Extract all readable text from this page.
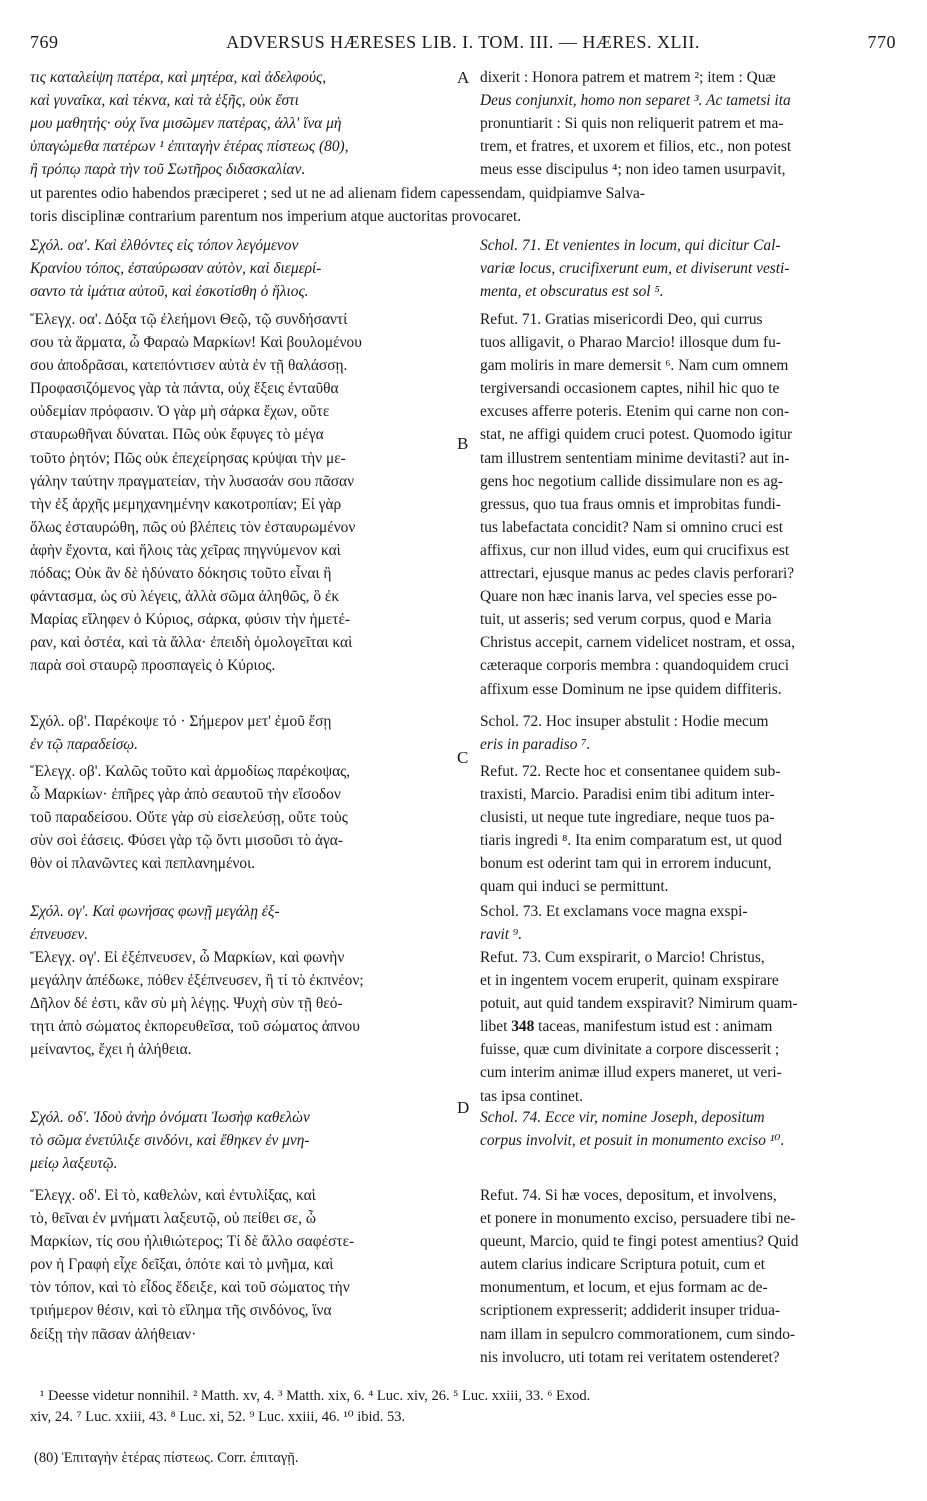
769	ADVERSUS HÆRESES LIB. I. TOM. III. — HÆRES. XLII.	770
A
B
C
D
τις καταλείψη πατέρα, καὶ μητέρα, καὶ ἀδελφούς,
καὶ γυναῖκα, καὶ τέκνα, καὶ τὰ ἑξῆς, οὐκ ἔστι
μου μαθητής· οὐχ ἵνα μισῶμεν πατέρας, ἀλλ' ἵνα μὴ
ὑπαγώμεθα πατέρων ¹ ἐπιταγὴν ἑτέρας πίστεως (80),
ἢ τρόπῳ παρὰ τὴν τοῦ Σωτῆρος διδασκαλίαν.
dixerit : Honora patrem et matrem ²; item : Quæ
Deus conjunxit, homo non separet ³. Ac tametsi ita
pronuntiarit : Si quis non reliquerit patrem et ma-
trem, et fratres, et uxorem et filios, etc., non potest
meus esse discipulus ⁴; non ideo tamen usurpavit,
ut parentes odio habendos præciperet ; sed ut ne ad alienam fidem capessendam, quidpiamve Salva-
toris disciplinæ contrarium parentum nos imperium atque auctoritas provocaret.
Σχόλ. οα'. Καὶ ἐλθόντες εἰς τόπον λεγόμενον
Κρανίου τόπος, ἐσταύρωσαν αὐτὸν, καὶ διεμερί-
σαντο τὰ ἱμάτια αὐτοῦ, καὶ ἐσκοτίσθη ὁ ἥλιος.
Schol. 71. Et venientes in locum, qui dicitur Cal-
variæ locus, crucifixerunt eum, et diviserunt vesti-
menta, et obscuratus est sol ⁵.
Ἔλεγχ. οα'. Δόξα τῷ ἐλεήμονι Θεῷ, τῷ συνδήσαντί
σου τὰ ἅρματα, ὦ Φαραὼ Μαρκίων! Καὶ βουλομένου
σου ἀποδρᾶσαι, κατεπόντισεν αὐτὰ ἐν τῇ θαλάσσῃ.
Προφασιζόμενος γὰρ τὰ πάντα, οὐχ ἕξεις ἐνταῦθα
οὐδεμίαν πρόφασιν. Ὁ γὰρ μὴ σάρκα ἔχων, οὔτε
σταυρωθῆναι δύναται. Πῶς οὐκ ἔφυγες τὸ μέγα
τοῦτο ῥητόν; Πῶς οὐκ ἐπεχείρησας κρύψαι τὴν με-
γάλην ταύτην πραγματείαν, τὴν λυσασάν σου πᾶσαν
τὴν ἐξ ἀρχῆς μεμηχανημένην κακοτροπίαν; Εἰ γὰρ
ὅλως ἐσταυρώθη, πῶς οὐ βλέπεις τὸν ἐσταυρωμένον
ἁφὴν ἔχοντα, καὶ ἥλοις τὰς χεῖρας πηγνύμενον καὶ
πόδας; Οὐκ ἂν δὲ ἠδύνατο δόκησις τοῦτο εἶναι ἢ
φάντασμα, ὡς σὺ λέγεις, ἀλλὰ σῶμα ἀληθῶς, ὃ ἐκ
Μαρίας εἴληφεν ὁ Κύριος, σάρκα, φύσιν τὴν ἡμετέ-
ραν, καὶ ὀστέα, καὶ τὰ ἄλλα· ἐπειδὴ ὁμολογεῖται καὶ
παρὰ σοὶ σταυρῷ προσπαγεὶς ὁ Κύριος.
Refut. 71. Gratias misericordi Deo, qui currus
tuos alligavit, o Pharao Marcio! illosque dum fu-
gam moliris in mare demersit ⁶. Nam cum omnem
tergiversandi occasionem captes, nihil hic quo te
excuses afferre poteris. Etenim qui carne non con-
stat, ne affigi quidem cruci potest. Quomodo igitur
tam illustrem sententiam minime devitasti? aut in-
gens hoc negotium callide dissimulare non es ag-
gressus, quo tua fraus omnis et improbitas fundi-
tus labefactata concidit? Nam si omnino cruci est
affixus, cur non illud vides, eum qui crucifixus est
attrectari, ejusque manus ac pedes clavis perforari?
Quare non hæc inanis larva, vel species esse po-
tuit, ut asseris; sed verum corpus, quod e Maria
Christus accepit, carnem videlicet nostram, et ossa,
cæteraque corporis membra : quandoquidem cruci
affixum esse Dominum ne ipse quidem diffiteris.
Σχόλ. οβ'. Παρέκοψε τό · Σήμερον μετ' ἐμοῦ ἔσῃ
ἐν τῷ παραδείσῳ.
Schol. 72. Hoc insuper abstulit : Hodie mecum
eris in paradiso ⁷.
Ἔλεγχ. οβ'. Καλῶς τοῦτο καὶ ἁρμοδίως παρέκοψας,
ὦ Μαρκίων· ἐπῆρες γὰρ ἀπὸ σεαυτοῦ τὴν εἴσοδον
τοῦ παραδείσου. Οὔτε γὰρ σὺ εἰσελεύσῃ, οὔτε τοὺς
σὺν σοὶ ἐάσεις. Φύσει γὰρ τῷ ὄντι μισοῦσι τὸ ἀγα-
θὸν οἱ πλανῶντες καὶ πεπλανημένοι.
Refut. 72. Recte hoc et consentanee quidem sub-
traxisti, Marcio. Paradisi enim tibi aditum inter-
clusisti, ut neque tute ingrediare, neque tuos pa-
tiaris ingredi ⁸. Ita enim comparatum est, ut quod
bonum est oderint tam qui in errorem inducunt,
quam qui induci se permittunt.
Σχόλ. ογ'. Καὶ φωνήσας φωνῇ μεγάλῃ ἐξ-
έπνευσεν.
Schol. 73. Et exclamans voce magna exspi-
ravit ⁹.
Ἔλεγχ. ογ'. Εἰ ἐξέπνευσεν, ὦ Μαρκίων, καὶ φωνὴν
μεγάλην ἀπέδωκε, πόθεν ἐξέπνευσεν, ἢ τί τὸ ἐκπνέον;
Δῆλον δέ ἐστι, κἂν σὺ μὴ λέγῃς. Ψυχὴ σὺν τῇ θεό-
τητι ἀπὸ σώματος ἐκπορευθεῖσα, τοῦ σώματος ἀπνου
μείναντος, ἔχει ἡ ἀλήθεια.
Refut. 73. Cum exspirarit, o Marcio! Christus,
et in ingentem vocem eruperit, quinam exspirare
potuit, aut quid tandem exspiravit? Nimirum quam-
libet 348 taceas, manifestum istud est : animam
fuisse, quæ cum divinitate a corpore discesserit ;
cum interim animæ illud expers maneret, ut veri-
tas ipsa continet.
Σχόλ. οδ'. Ἰδοὺ ἀνὴρ ὀνόματι Ἰωσὴφ καθελὼν
τὸ σῶμα ἐνετύλιξε σινδόνι, καὶ ἔθηκεν ἐν μνη-
μείῳ λαξευτῷ.
Schol. 74. Ecce vir, nomine Joseph, depositum
corpus involvit, et posuit in monumento exciso ¹⁰.
Ἔλεγχ. οδ'. Εἰ τὸ, καθελὼν, καὶ ἐντυλίξας, καὶ
τὸ, θεῖναι ἐν μνήματι λαξευτῷ, οὐ πείθει σε, ὦ
Μαρκίων, τίς σου ἠλιθιώτερος; Τί δὲ ἄλλο σαφέστε-
ρον ἡ Γραφὴ εἶχε δεῖξαι, ὁπότε καὶ τὸ μνῆμα, καὶ
τὸν τόπον, καὶ τὸ εἶδος ἔδειξε, καὶ τοῦ σώματος τὴν
τριήμερον θέσιν, καὶ τὸ εἴλημα τῆς σινδόνος, ἵνα
δείξῃ τὴν πᾶσαν ἀλήθειαν·
Refut. 74. Si hæ voces, depositum, et involvens,
et ponere in monumento exciso, persuadere tibi ne-
queunt, Marcio, quid te fingi potest amentius? Quid
autem clarius indicare Scriptura potuit, cum et
monumentum, et locum, et ejus formam ac de-
scriptionem expresserit; addiderit insuper tridua-
nam illam in sepulcro commorationem, cum sindo-
nis involucro, uti totam rei veritatem ostenderet?
¹ Deesse videtur nonnihil. ² Matth. xv, 4. ³ Matth. xix, 6. ⁴ Luc. xiv, 26. ⁵ Luc. xxiii, 33. ⁶ Exod.
xiv, 24. ⁷ Luc. xxiii, 43. ⁸ Luc. xi, 52. ⁹ Luc. xxiii, 46. ¹⁰ ibid. 53.
(80) Ἐπιταγὴν ἑτέρας πίστεως. Corr. ἐπιταγῇ.
